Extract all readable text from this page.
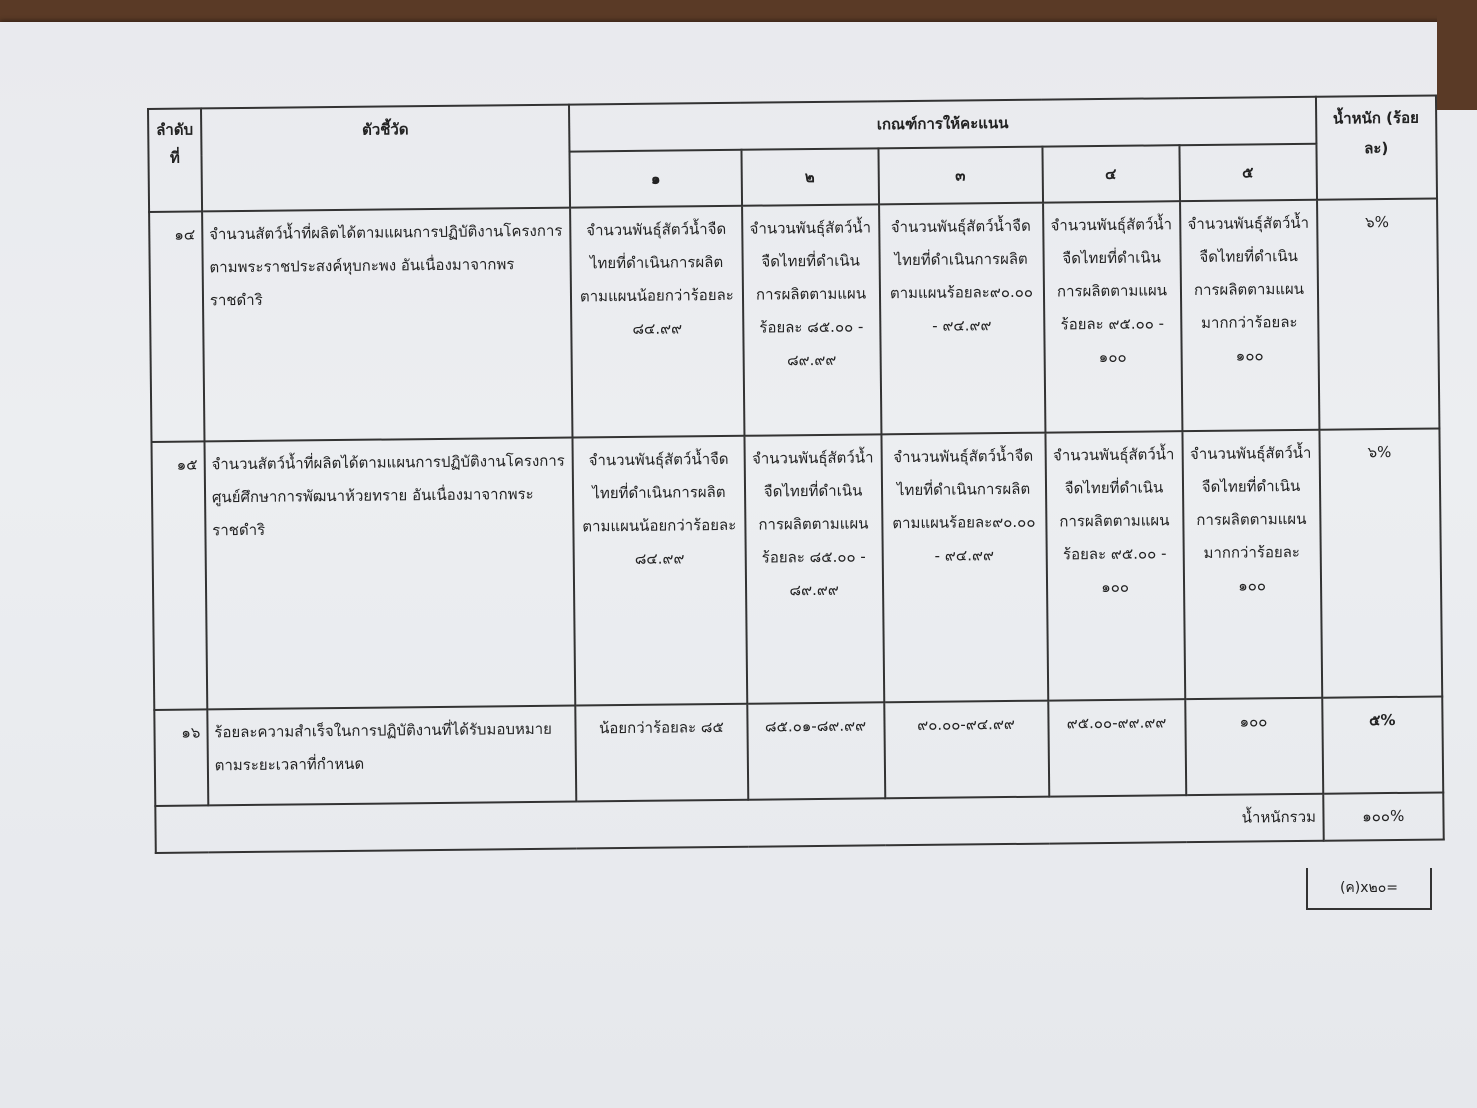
ลำดับที่	ตัวชี้วัด	เกณฑ์การให้คะแนน					น้ำหนัก (ร้อยละ)
		๑	๒	๓	๔	๕	
๑๔	จำนวนสัตว์น้ำที่ผลิตได้ตามแผนการปฏิบัติงานโครงการตามพระราชประสงค์หุบกะพง อันเนื่องมาจากพรราชดำริ	จำนวนพันธุ์สัตว์น้ำจืดไทยที่ดำเนินการผลิตตามแผนน้อยกว่าร้อยละ ๘๔.๙๙	จำนวนพันธุ์สัตว์น้ำจืดไทยที่ดำเนินการผลิตตามแผนร้อยละ ๘๕.๐๐ - ๘๙.๙๙	จำนวนพันธุ์สัตว์น้ำจืดไทยที่ดำเนินการผลิตตามแผนร้อยละ๙๐.๐๐ - ๙๔.๙๙	จำนวนพันธุ์สัตว์น้ำจืดไทยที่ดำเนินการผลิตตามแผนร้อยละ ๙๕.๐๐ - ๑๐๐	จำนวนพันธุ์สัตว์น้ำจืดไทยที่ดำเนินการผลิตตามแผนมากกว่าร้อยละ ๑๐๐	๖%
๑๕	จำนวนสัตว์น้ำที่ผลิตได้ตามแผนการปฏิบัติงานโครงการศูนย์ศึกษาการพัฒนาห้วยทราย อันเนื่องมาจากพระราชดำริ	จำนวนพันธุ์สัตว์น้ำจืดไทยที่ดำเนินการผลิตตามแผนน้อยกว่าร้อยละ ๘๔.๙๙	จำนวนพันธุ์สัตว์น้ำจืดไทยที่ดำเนินการผลิตตามแผนร้อยละ ๘๕.๐๐ - ๘๙.๙๙	จำนวนพันธุ์สัตว์น้ำจืดไทยที่ดำเนินการผลิตตามแผนร้อยละ๙๐.๐๐ - ๙๔.๙๙	จำนวนพันธุ์สัตว์น้ำจืดไทยที่ดำเนินการผลิตตามแผนร้อยละ ๙๕.๐๐ - ๑๐๐	จำนวนพันธุ์สัตว์น้ำจืดไทยที่ดำเนินการผลิตตามแผนมากกว่าร้อยละ ๑๐๐	๖%
๑๖	ร้อยละความสำเร็จในการปฏิบัติงานที่ได้รับมอบหมายตามระยะเวลาที่กำหนด	น้อยกว่าร้อยละ ๘๕	๘๕.๐๑-๘๙.๙๙	๙๐.๐๐-๙๔.๙๙	๙๕.๐๐-๙๙.๙๙	๑๐๐	๕%
น้ำหนักรวม							๑๐๐%
(ค)x๒๐=
